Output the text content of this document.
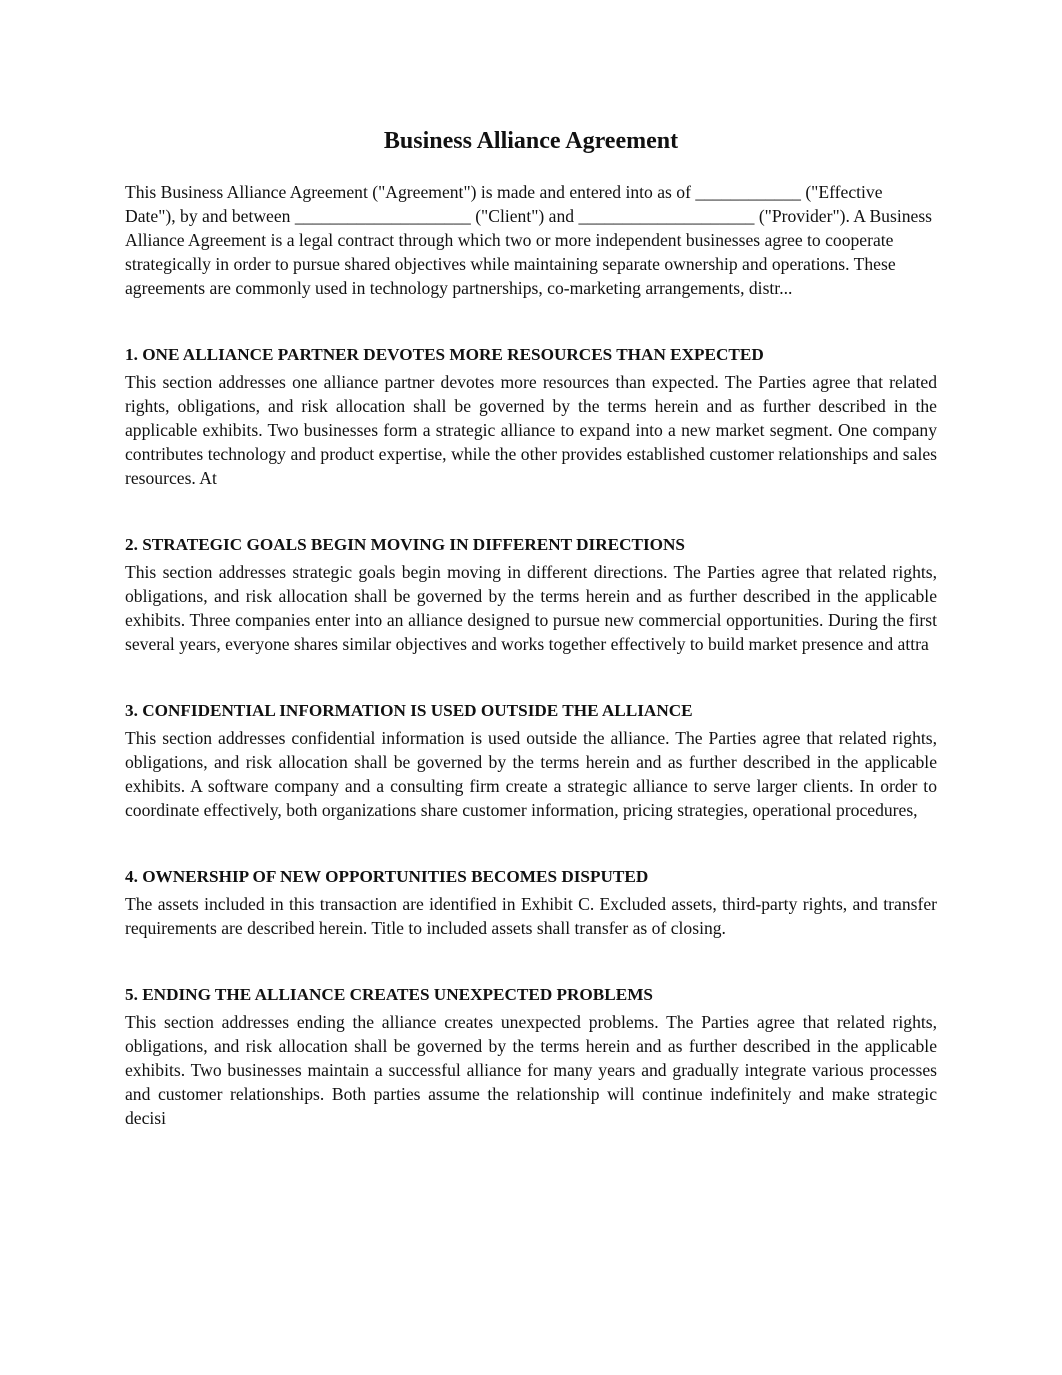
Business Alliance Agreement

This Business Alliance Agreement ("Agreement") is made and entered into as of ____________ ("Effective Date"), by and between ____________________ ("Client") and ____________________ ("Provider"). A Business Alliance Agreement is a legal contract through which two or more independent businesses agree to cooperate strategically in order to pursue shared objectives while maintaining separate ownership and operations. These agreements are commonly used in technology partnerships, co-marketing arrangements, distr...

1. ONE ALLIANCE PARTNER DEVOTES MORE RESOURCES THAN EXPECTED

This section addresses one alliance partner devotes more resources than expected. The Parties agree that related rights, obligations, and risk allocation shall be governed by the terms herein and as further described in the applicable exhibits. Two businesses form a strategic alliance to expand into a new market segment. One company contributes technology and product expertise, while the other provides established customer relationships and sales resources. At

2. STRATEGIC GOALS BEGIN MOVING IN DIFFERENT DIRECTIONS

This section addresses strategic goals begin moving in different directions. The Parties agree that related rights, obligations, and risk allocation shall be governed by the terms herein and as further described in the applicable exhibits. Three companies enter into an alliance designed to pursue new commercial opportunities. During the first several years, everyone shares similar objectives and works together effectively to build market presence and attra

3. CONFIDENTIAL INFORMATION IS USED OUTSIDE THE ALLIANCE

This section addresses confidential information is used outside the alliance. The Parties agree that related rights, obligations, and risk allocation shall be governed by the terms herein and as further described in the applicable exhibits. A software company and a consulting firm create a strategic alliance to serve larger clients. In order to coordinate effectively, both organizations share customer information, pricing strategies, operational procedures,

4. OWNERSHIP OF NEW OPPORTUNITIES BECOMES DISPUTED

The assets included in this transaction are identified in Exhibit C. Excluded assets, third-party rights, and transfer requirements are described herein. Title to included assets shall transfer as of closing.

5. ENDING THE ALLIANCE CREATES UNEXPECTED PROBLEMS

This section addresses ending the alliance creates unexpected problems. The Parties agree that related rights, obligations, and risk allocation shall be governed by the terms herein and as further described in the applicable exhibits. Two businesses maintain a successful alliance for many years and gradually integrate various processes and customer relationships. Both parties assume the relationship will continue indefinitely and make strategic decisi
